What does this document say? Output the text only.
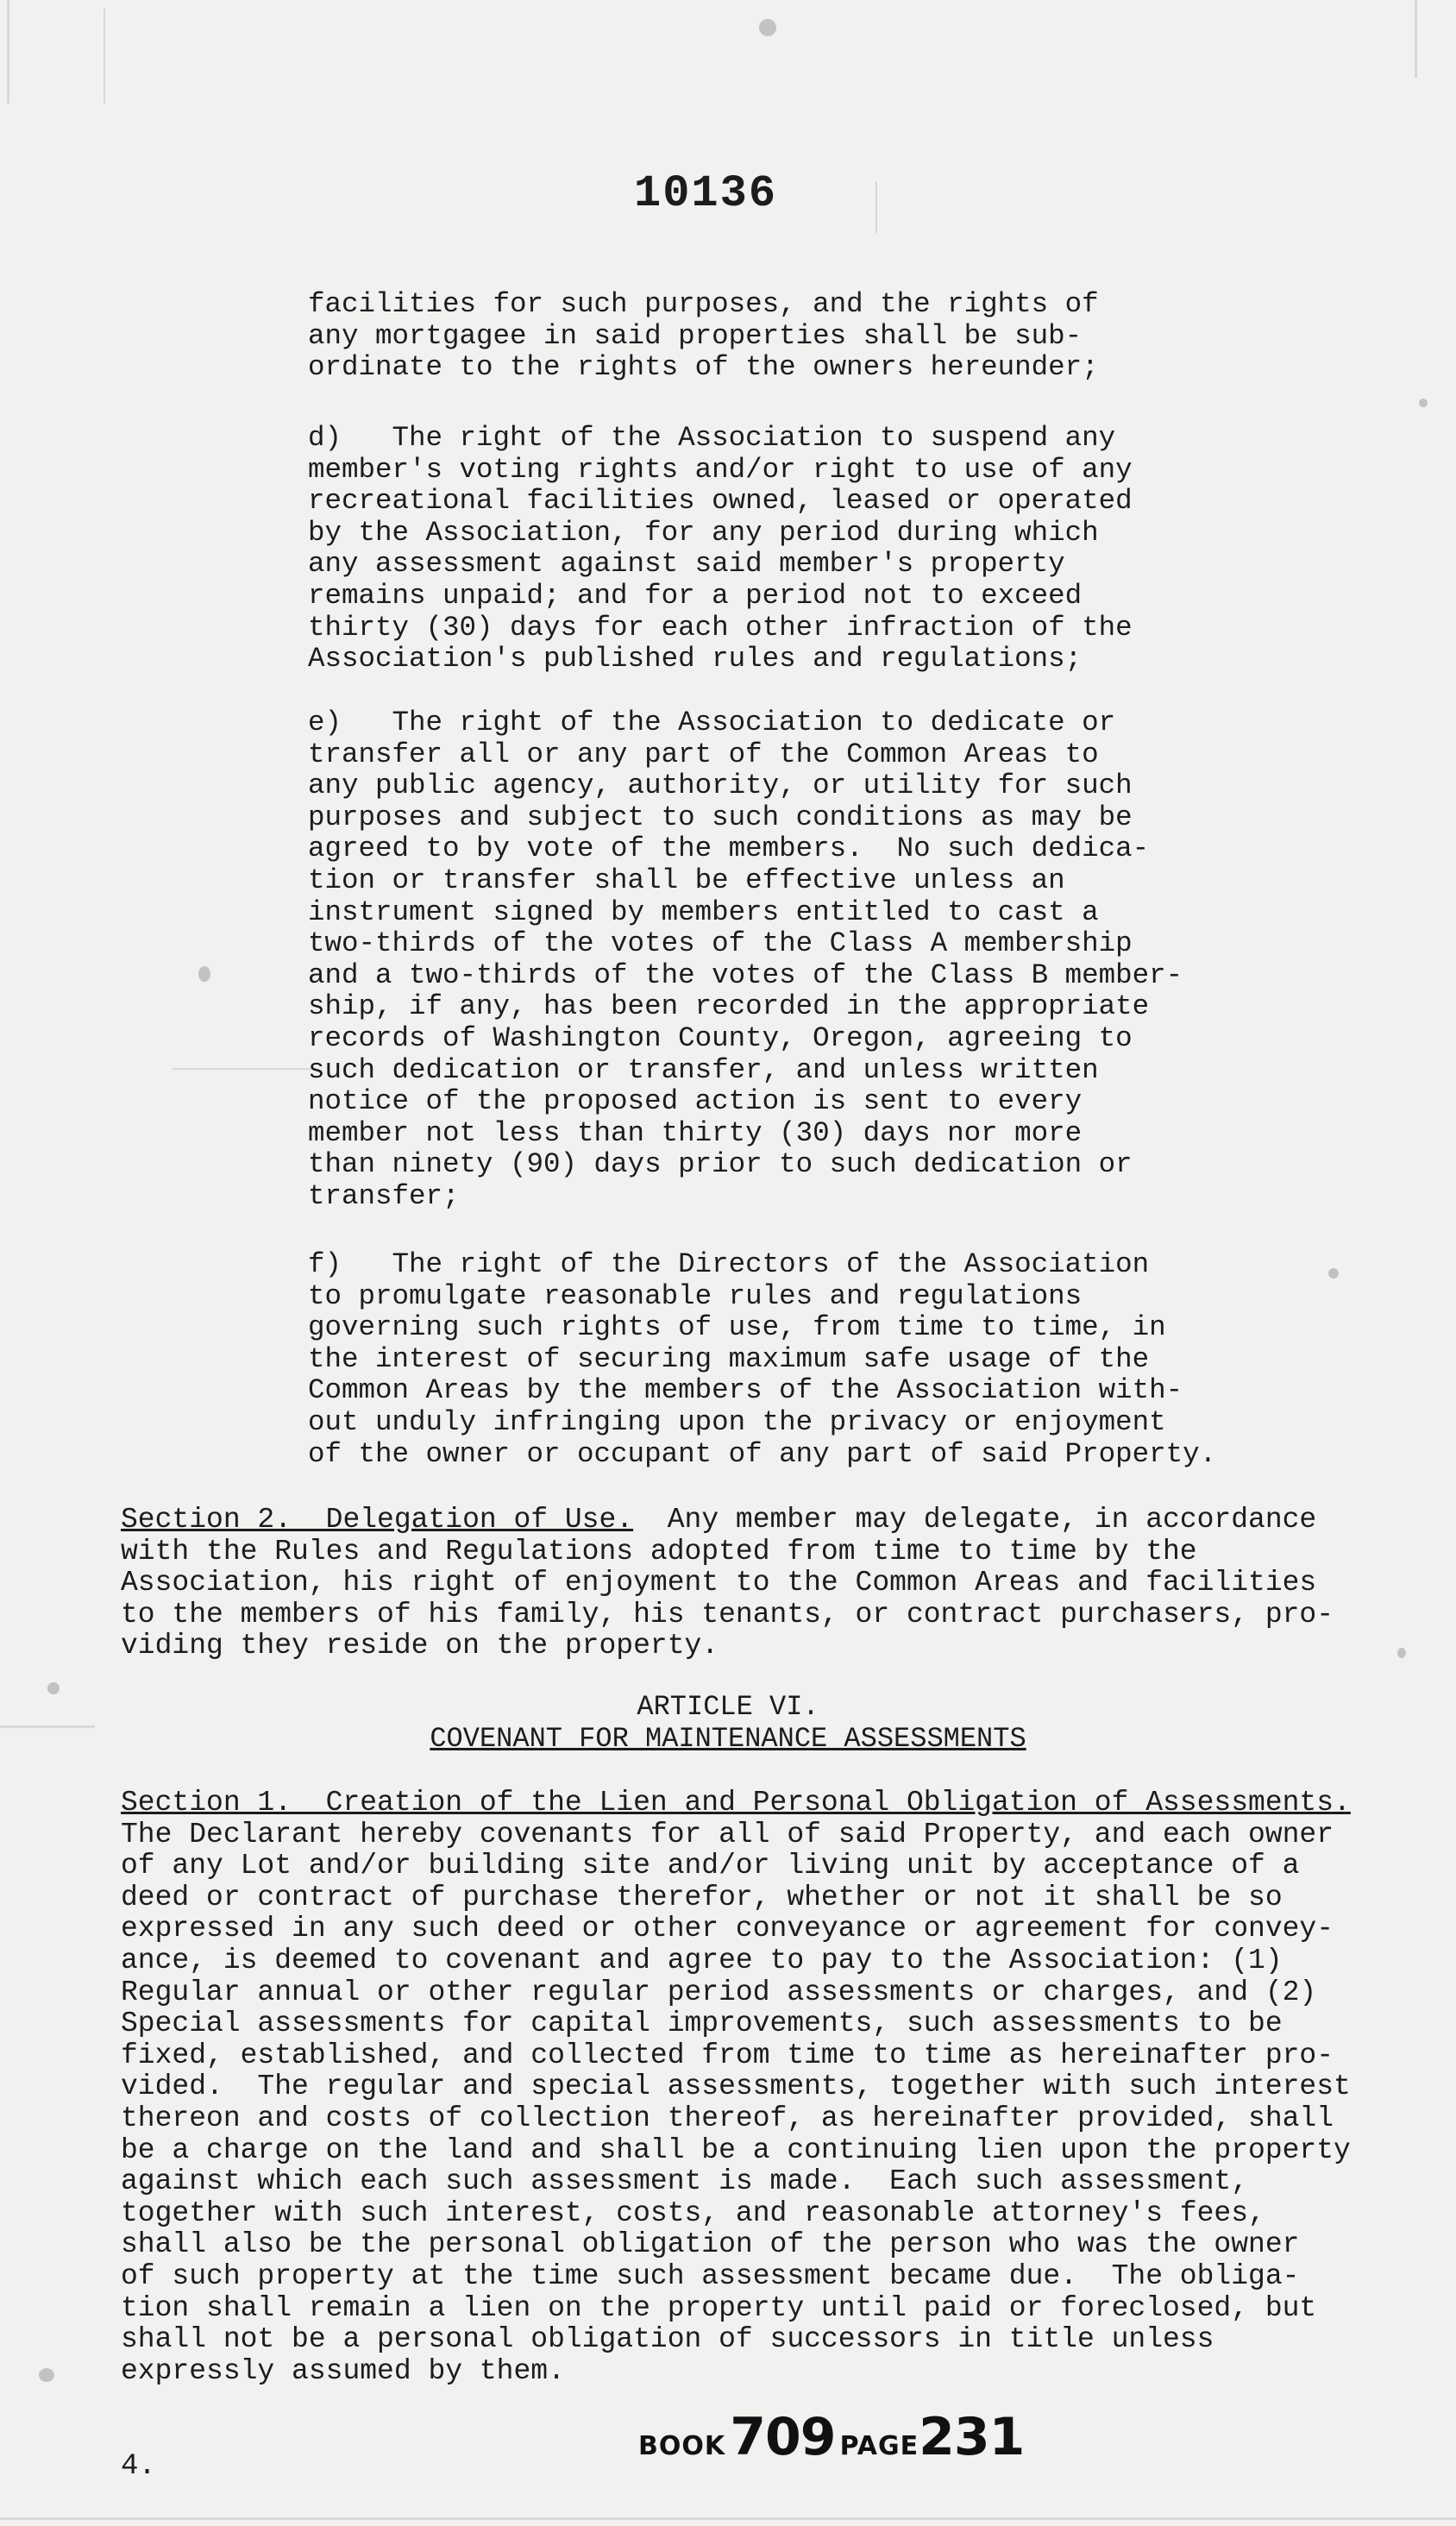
10136

facilities for such purposes, and the rights of
any mortgagee in said properties shall be sub-
ordinate to the rights of the owners hereunder;

d)   The right of the Association to suspend any
member's voting rights and/or right to use of any
recreational facilities owned, leased or operated
by the Association, for any period during which
any assessment against said member's property
remains unpaid; and for a period not to exceed
thirty (30) days for each other infraction of the
Association's published rules and regulations;

e)   The right of the Association to dedicate or
transfer all or any part of the Common Areas to
any public agency, authority, or utility for such
purposes and subject to such conditions as may be
agreed to by vote of the members.  No such dedica-
tion or transfer shall be effective unless an
instrument signed by members entitled to cast a
two-thirds of the votes of the Class A membership
and a two-thirds of the votes of the Class B member-
ship, if any, has been recorded in the appropriate
records of Washington County, Oregon, agreeing to
such dedication or transfer, and unless written
notice of the proposed action is sent to every
member not less than thirty (30) days nor more
than ninety (90) days prior to such dedication or
transfer;

f)   The right of the Directors of the Association
to promulgate reasonable rules and regulations
governing such rights of use, from time to time, in
the interest of securing maximum safe usage of the
Common Areas by the members of the Association with-
out unduly infringing upon the privacy or enjoyment
of the owner or occupant of any part of said Property.

Section 2.  Delegation of Use.  Any member may delegate, in accordance
with the Rules and Regulations adopted from time to time by the
Association, his right of enjoyment to the Common Areas and facilities
to the members of his family, his tenants, or contract purchasers, pro-
viding they reside on the property.

ARTICLE VI.

COVENANT FOR MAINTENANCE ASSESSMENTS

Section 1.  Creation of the Lien and Personal Obligation of Assessments.
The Declarant hereby covenants for all of said Property, and each owner
of any Lot and/or building site and/or living unit by acceptance of a
deed or contract of purchase therefor, whether or not it shall be so
expressed in any such deed or other conveyance or agreement for convey-
ance, is deemed to covenant and agree to pay to the Association: (1)
Regular annual or other regular period assessments or charges, and (2)
Special assessments for capital improvements, such assessments to be
fixed, established, and collected from time to time as hereinafter pro-
vided.  The regular and special assessments, together with such interest
thereon and costs of collection thereof, as hereinafter provided, shall
be a charge on the land and shall be a continuing lien upon the property
against which each such assessment is made.  Each such assessment,
together with such interest, costs, and reasonable attorney's fees,
shall also be the personal obligation of the person who was the owner
of such property at the time such assessment became due.  The obliga-
tion shall remain a lien on the property until paid or foreclosed, but
shall not be a personal obligation of successors in title unless
expressly assumed by them.

4.
BOOK 709 PAGE231
